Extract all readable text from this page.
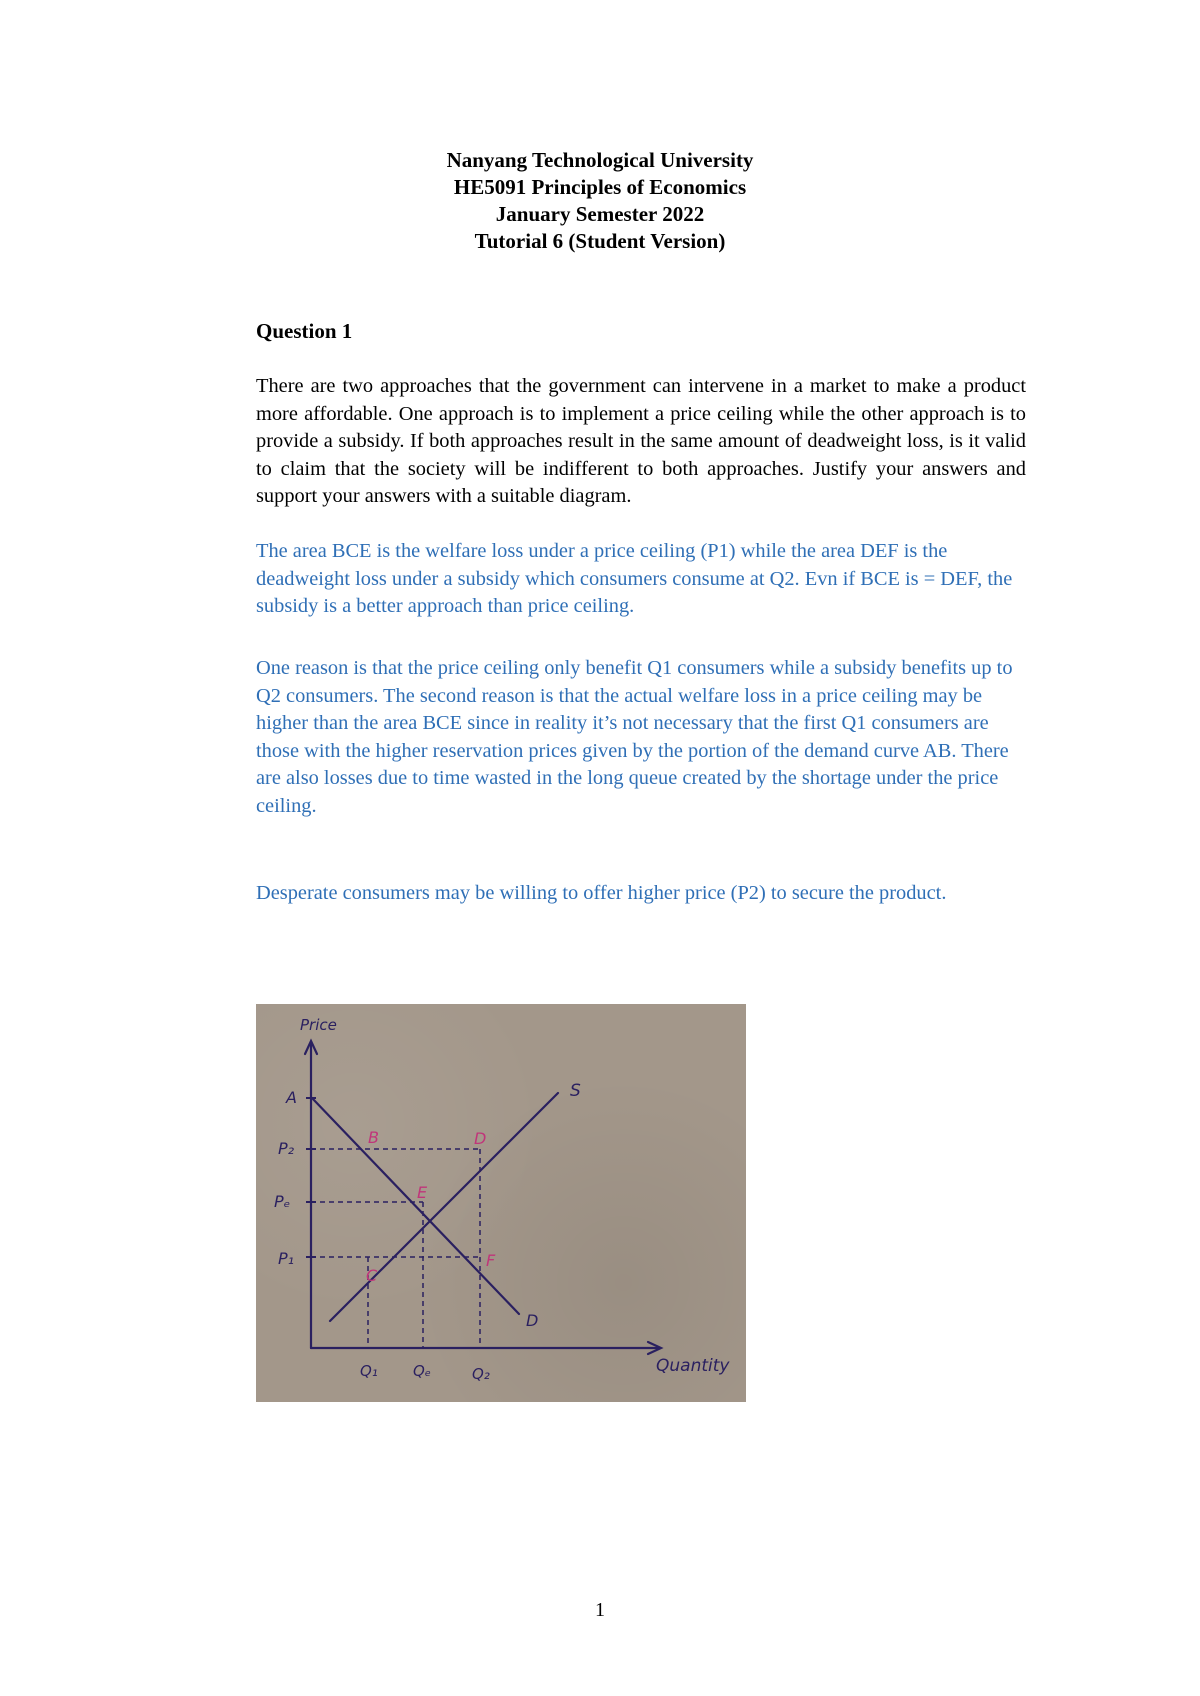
Nanyang Technological University
HE5091 Principles of Economics
January Semester 2022
Tutorial 6 (Student Version)
Question 1

There are two approaches that the government can intervene in a market to make a product more affordable. One approach is to implement a price ceiling while the other approach is to provide a subsidy. If both approaches result in the same amount of deadweight loss, is it valid to claim that the society will be indifferent to both approaches. Justify your answers and support your answers with a suitable diagram.

The area BCE is the welfare loss under a price ceiling (P1) while the area DEF is the deadweight loss under a subsidy which consumers consume at Q2. Evn if BCE is = DEF, the subsidy is a better approach than price ceiling.

One reason is that the price ceiling only benefit Q1 consumers while a subsidy benefits up to Q2 consumers. The second reason is that the actual welfare loss in a price ceiling may be higher than the area BCE since in reality it’s not necessary that the first Q1 consumers are those with the higher reservation prices given by the portion of the demand curve AB. There are also losses due to time wasted in the long queue created by the shortage under the price ceiling.

Desperate consumers may be willing to offer higher price (P2) to secure the product.

Price
Quantity
A
P₂
Pₑ
P₁
Q₁ Qₑ	Q₂
S
D
B	D
E
F
C
1
